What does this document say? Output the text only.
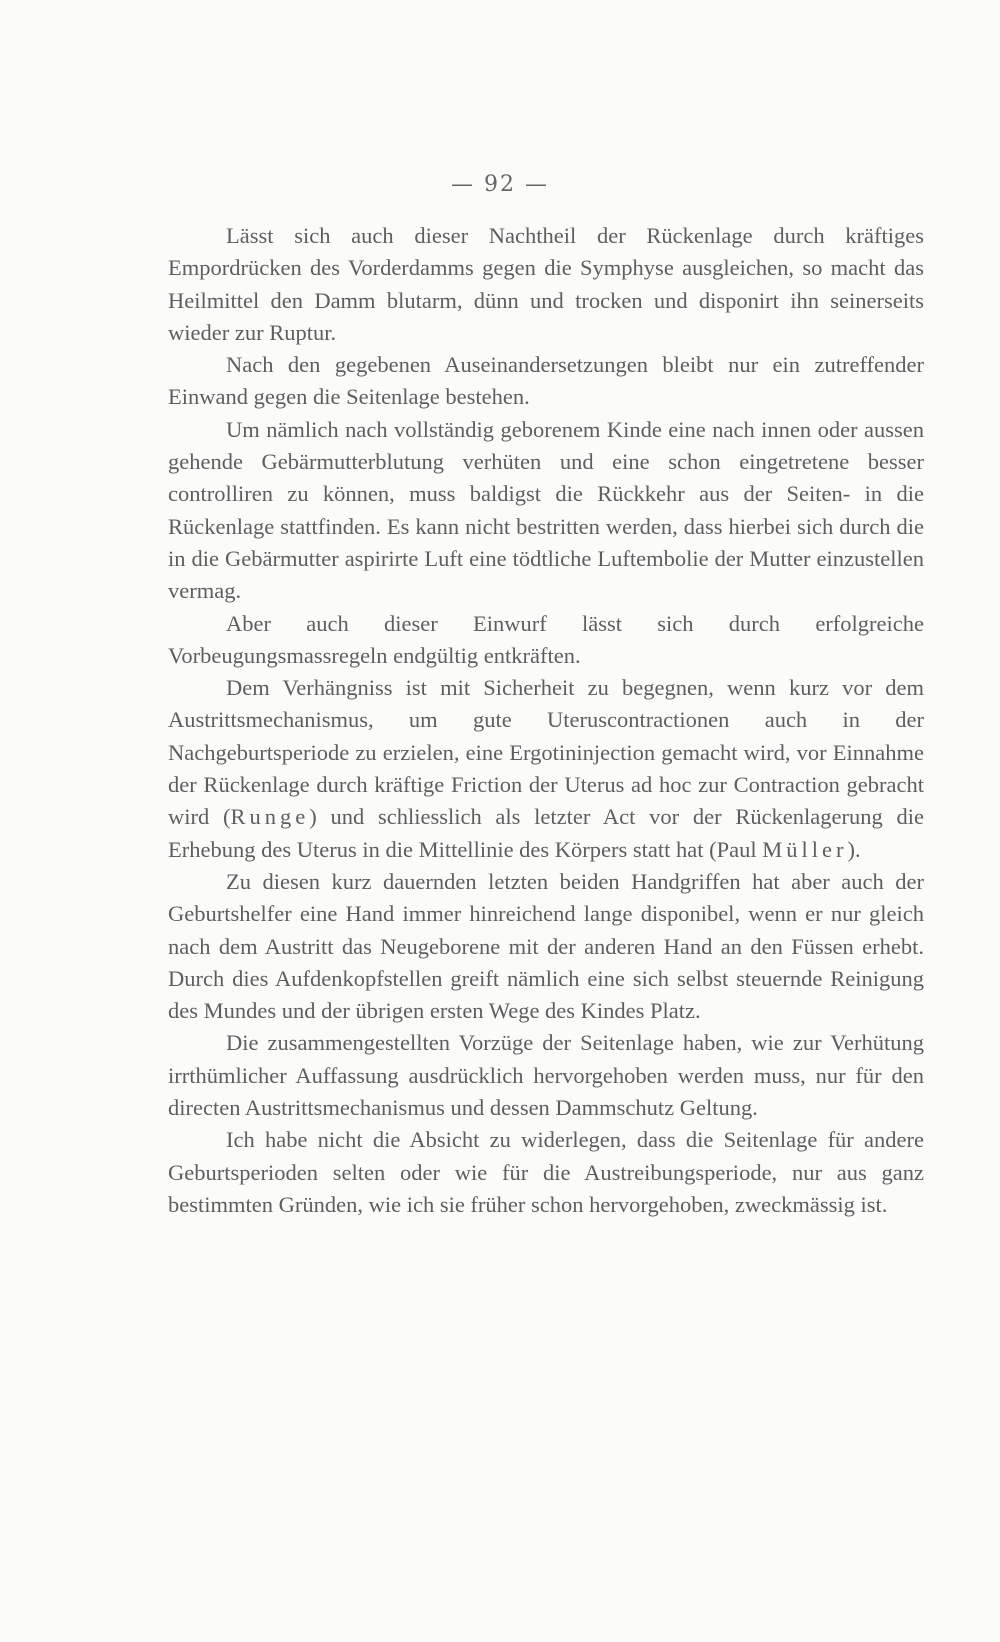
— 92 —

Lässt sich auch dieser Nachtheil der Rückenlage durch kräftiges Empordrücken des Vorderdamms gegen die Symphyse ausgleichen, so macht das Heilmittel den Damm blutarm, dünn und trocken und disponirt ihn seinerseits wieder zur Ruptur.

Nach den gegebenen Auseinandersetzungen bleibt nur ein zutreffender Einwand gegen die Seitenlage bestehen.

Um nämlich nach vollständig geborenem Kinde eine nach innen oder aussen gehende Gebärmutterblutung verhüten und eine schon eingetretene besser controlliren zu können, muss baldigst die Rückkehr aus der Seiten- in die Rückenlage stattfinden. Es kann nicht bestritten werden, dass hierbei sich durch die in die Gebärmutter aspirirte Luft eine tödtliche Luftembolie der Mutter einzustellen vermag.

Aber auch dieser Einwurf lässt sich durch erfolgreiche Vorbeugungsmassregeln endgültig entkräften.

Dem Verhängniss ist mit Sicherheit zu begegnen, wenn kurz vor dem Austrittsmechanismus, um gute Uteruscontractionen auch in der Nachgeburtsperiode zu erzielen, eine Ergotininjection gemacht wird, vor Einnahme der Rückenlage durch kräftige Friction der Uterus ad hoc zur Contraction gebracht wird (Runge) und schliesslich als letzter Act vor der Rückenlagerung die Erhebung des Uterus in die Mittellinie des Körpers statt hat (Paul Müller).

Zu diesen kurz dauernden letzten beiden Handgriffen hat aber auch der Geburtshelfer eine Hand immer hinreichend lange disponibel, wenn er nur gleich nach dem Austritt das Neugeborene mit der anderen Hand an den Füssen erhebt. Durch dies Aufdenkopfstellen greift nämlich eine sich selbst steuernde Reinigung des Mundes und der übrigen ersten Wege des Kindes Platz.

Die zusammengestellten Vorzüge der Seitenlage haben, wie zur Verhütung irrthümlicher Auffassung ausdrücklich hervorgehoben werden muss, nur für den directen Austrittsmechanismus und dessen Dammschutz Geltung.

Ich habe nicht die Absicht zu widerlegen, dass die Seitenlage für andere Geburtsperioden selten oder wie für die Austreibungsperiode, nur aus ganz bestimmten Gründen, wie ich sie früher schon hervorgehoben, zweckmässig ist.
